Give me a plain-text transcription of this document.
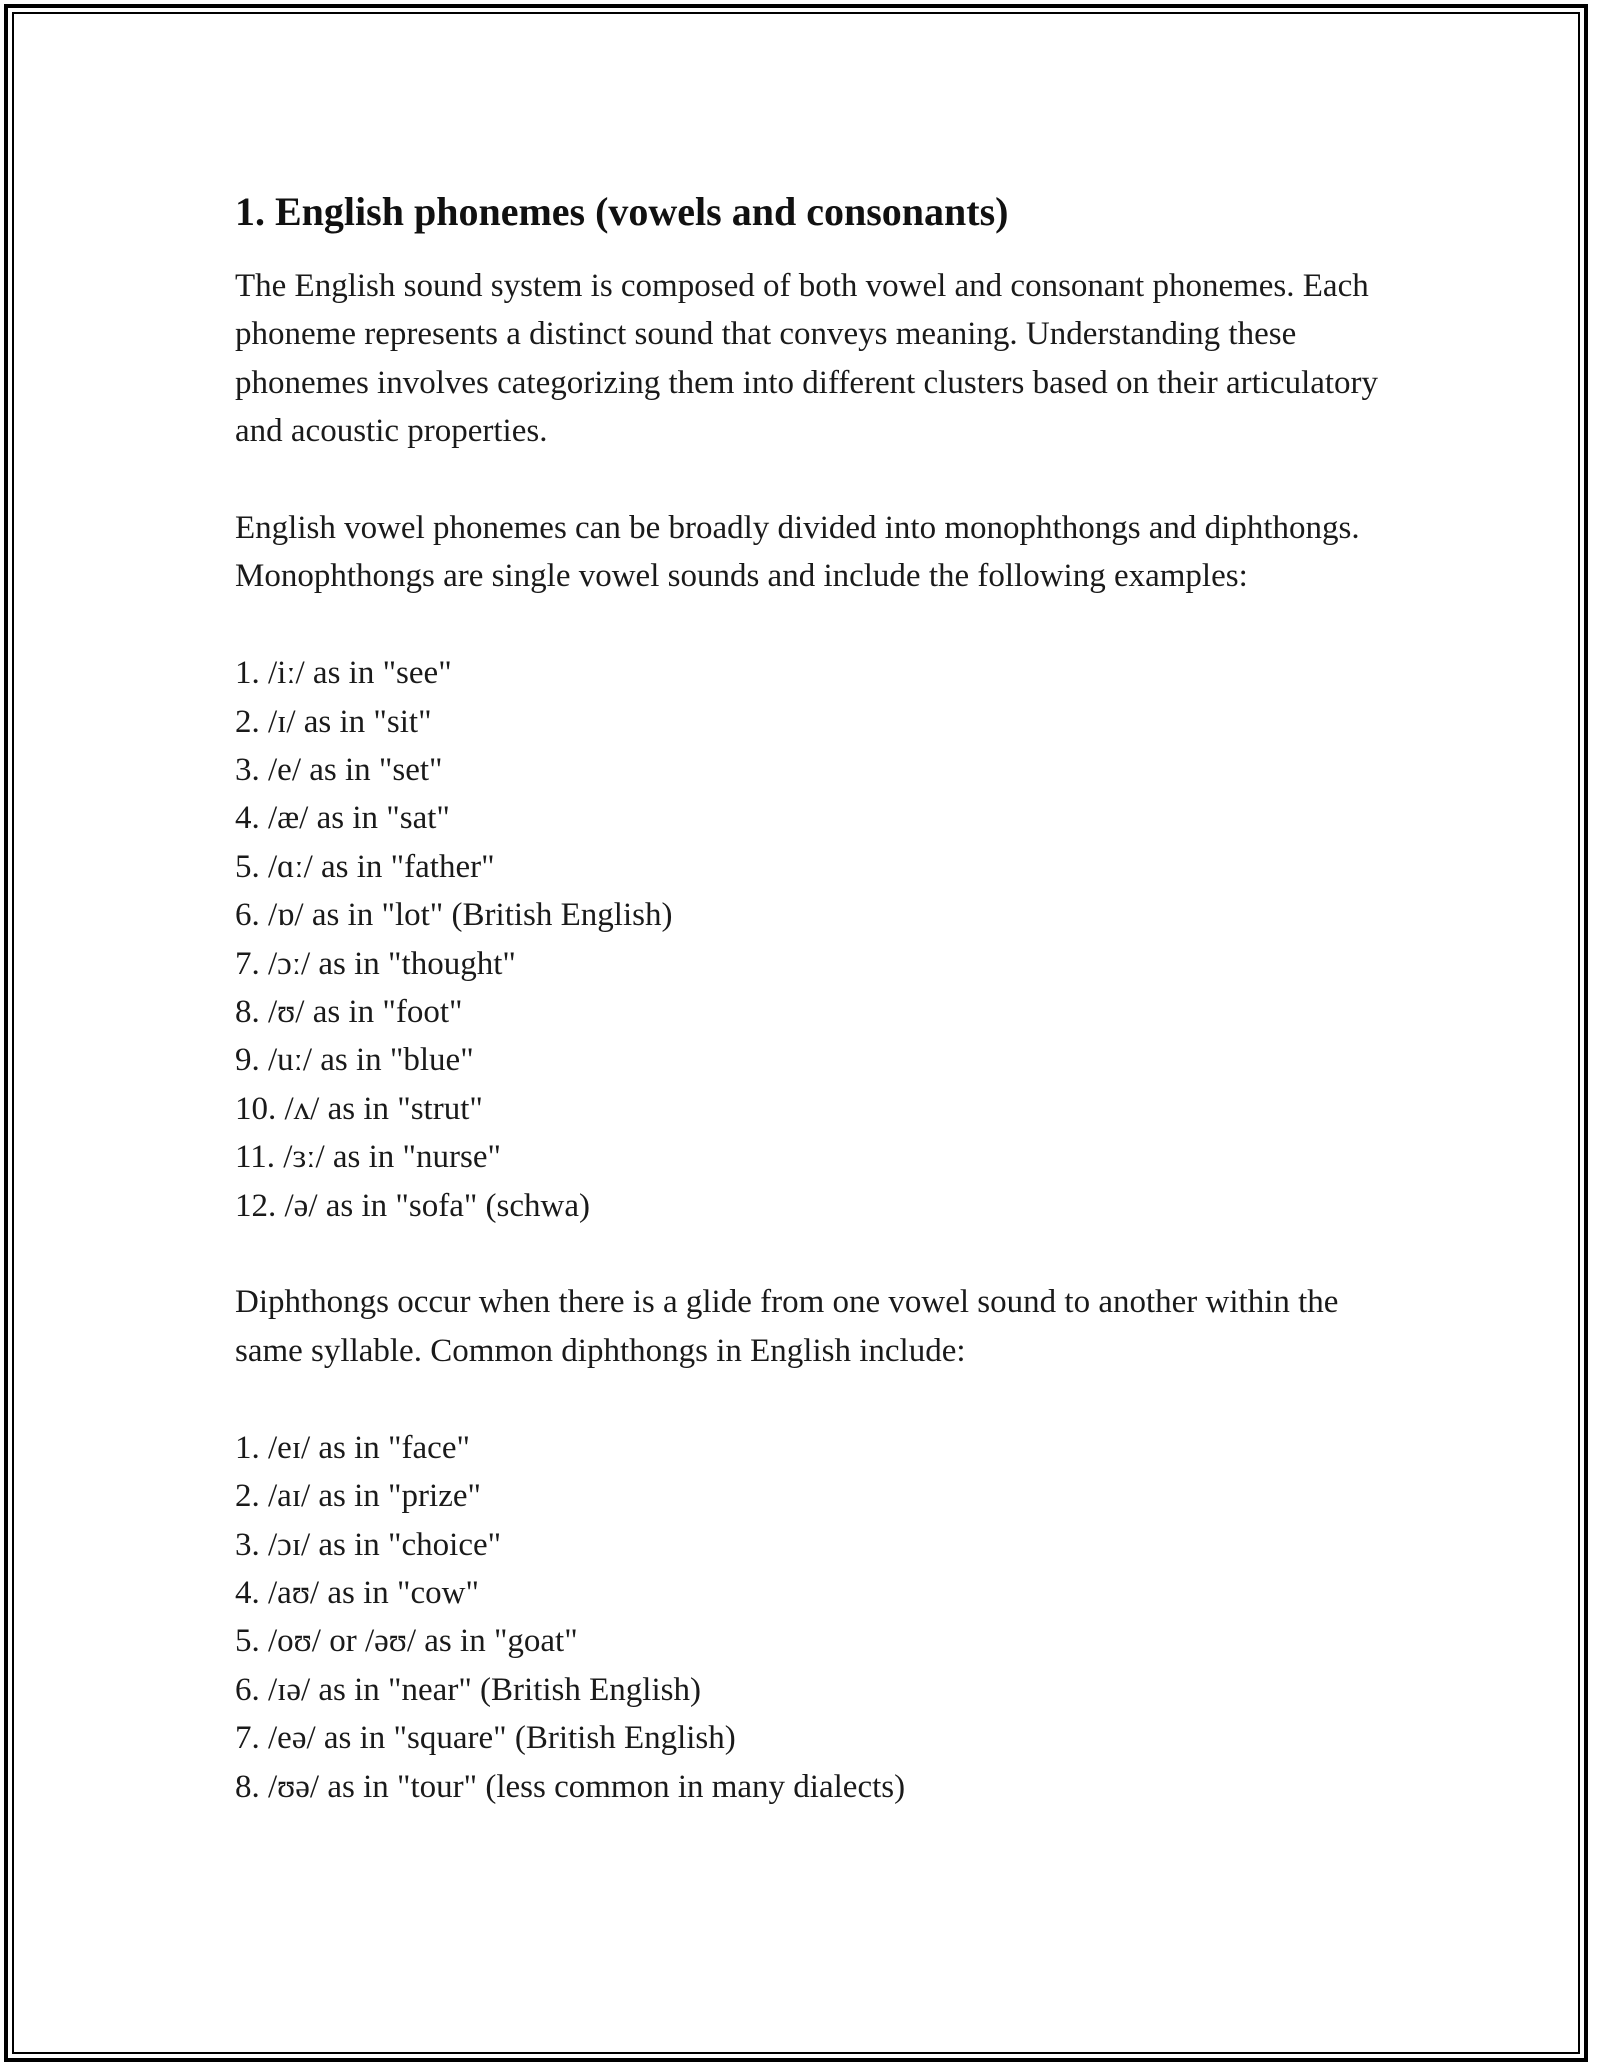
1. English phonemes (vowels and consonants)

The English sound system is composed of both vowel and consonant phonemes. Each phoneme represents a distinct sound that conveys meaning. Understanding these phonemes involves categorizing them into different clusters based on their articulatory and acoustic properties.

English vowel phonemes can be broadly divided into monophthongs and diphthongs. Monophthongs are single vowel sounds and include the following examples:

1. /iː/ as in "see"
2. /ɪ/ as in "sit"
3. /e/ as in "set"
4. /æ/ as in "sat"
5. /ɑː/ as in "father"
6. /ɒ/ as in "lot" (British English)
7. /ɔː/ as in "thought"
8. /ʊ/ as in "foot"
9. /uː/ as in "blue"
10. /ʌ/ as in "strut"
11. /ɜː/ as in "nurse"
12. /ə/ as in "sofa" (schwa)

Diphthongs occur when there is a glide from one vowel sound to another within the same syllable. Common diphthongs in English include:

1. /eɪ/ as in "face"
2. /aɪ/ as in "prize"
3. /ɔɪ/ as in "choice"
4. /aʊ/ as in "cow"
5. /oʊ/ or /əʊ/ as in "goat"
6. /ɪə/ as in "near" (British English)
7. /eə/ as in "square" (British English)
8. /ʊə/ as in "tour" (less common in many dialects)
